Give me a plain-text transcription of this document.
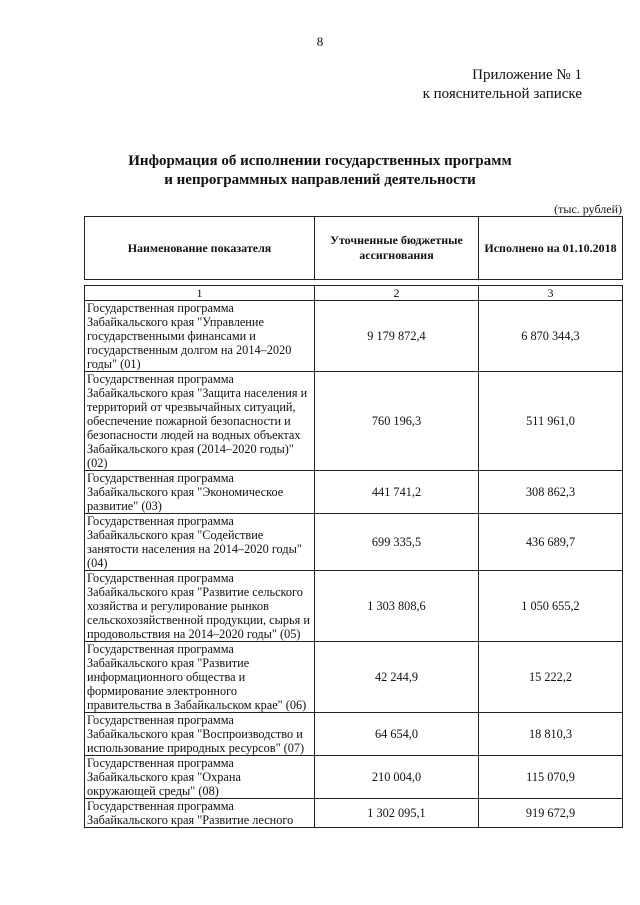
8
Приложение № 1
к пояснительной записке
Информация об исполнении государственных программ
и непрограммных направлений деятельности
(тыс. рублей)
Наименование показателя	Уточненные бюджетные ассигнования	Исполнено на 01.10.2018

1	2	3
Государственная программа Забайкальского края "Управление государственными финансами и государственным долгом на 2014–2020 годы" (01)	9 179 872,4	6 870 344,3
Государственная программа Забайкальского края "Защита населения и территорий от чрезвычайных ситуаций, обеспечение пожарной безопасности и безопасности людей на водных объектах Забайкальского края (2014–2020 годы)"(02)	760 196,3	511 961,0
Государственная программа Забайкальского края "Экономическое развитие" (03)	441 741,2	308 862,3
Государственная программа Забайкальского края "Содействие занятости населения на 2014–2020 годы" (04)	699 335,5	436 689,7
Государственная программа Забайкальского края "Развитие сельского хозяйства и регулирование рынков сельскохозяйственной продукции, сырья и продовольствия на 2014–2020 годы" (05)	1 303 808,6	1 050 655,2
Государственная программа Забайкальского края "Развитие информационного общества и формирование электронного правительства в Забайкальском крае" (06)	42 244,9	15 222,2
Государственная программа Забайкальского края "Воспроизводство и использование природных ресурсов" (07)	64 654,0	18 810,3
Государственная программа Забайкальского края "Охрана окружающей среды" (08)	210 004,0	115 070,9
Государственная программа Забайкальского края "Развитие лесного	1 302 095,1	919 672,9
